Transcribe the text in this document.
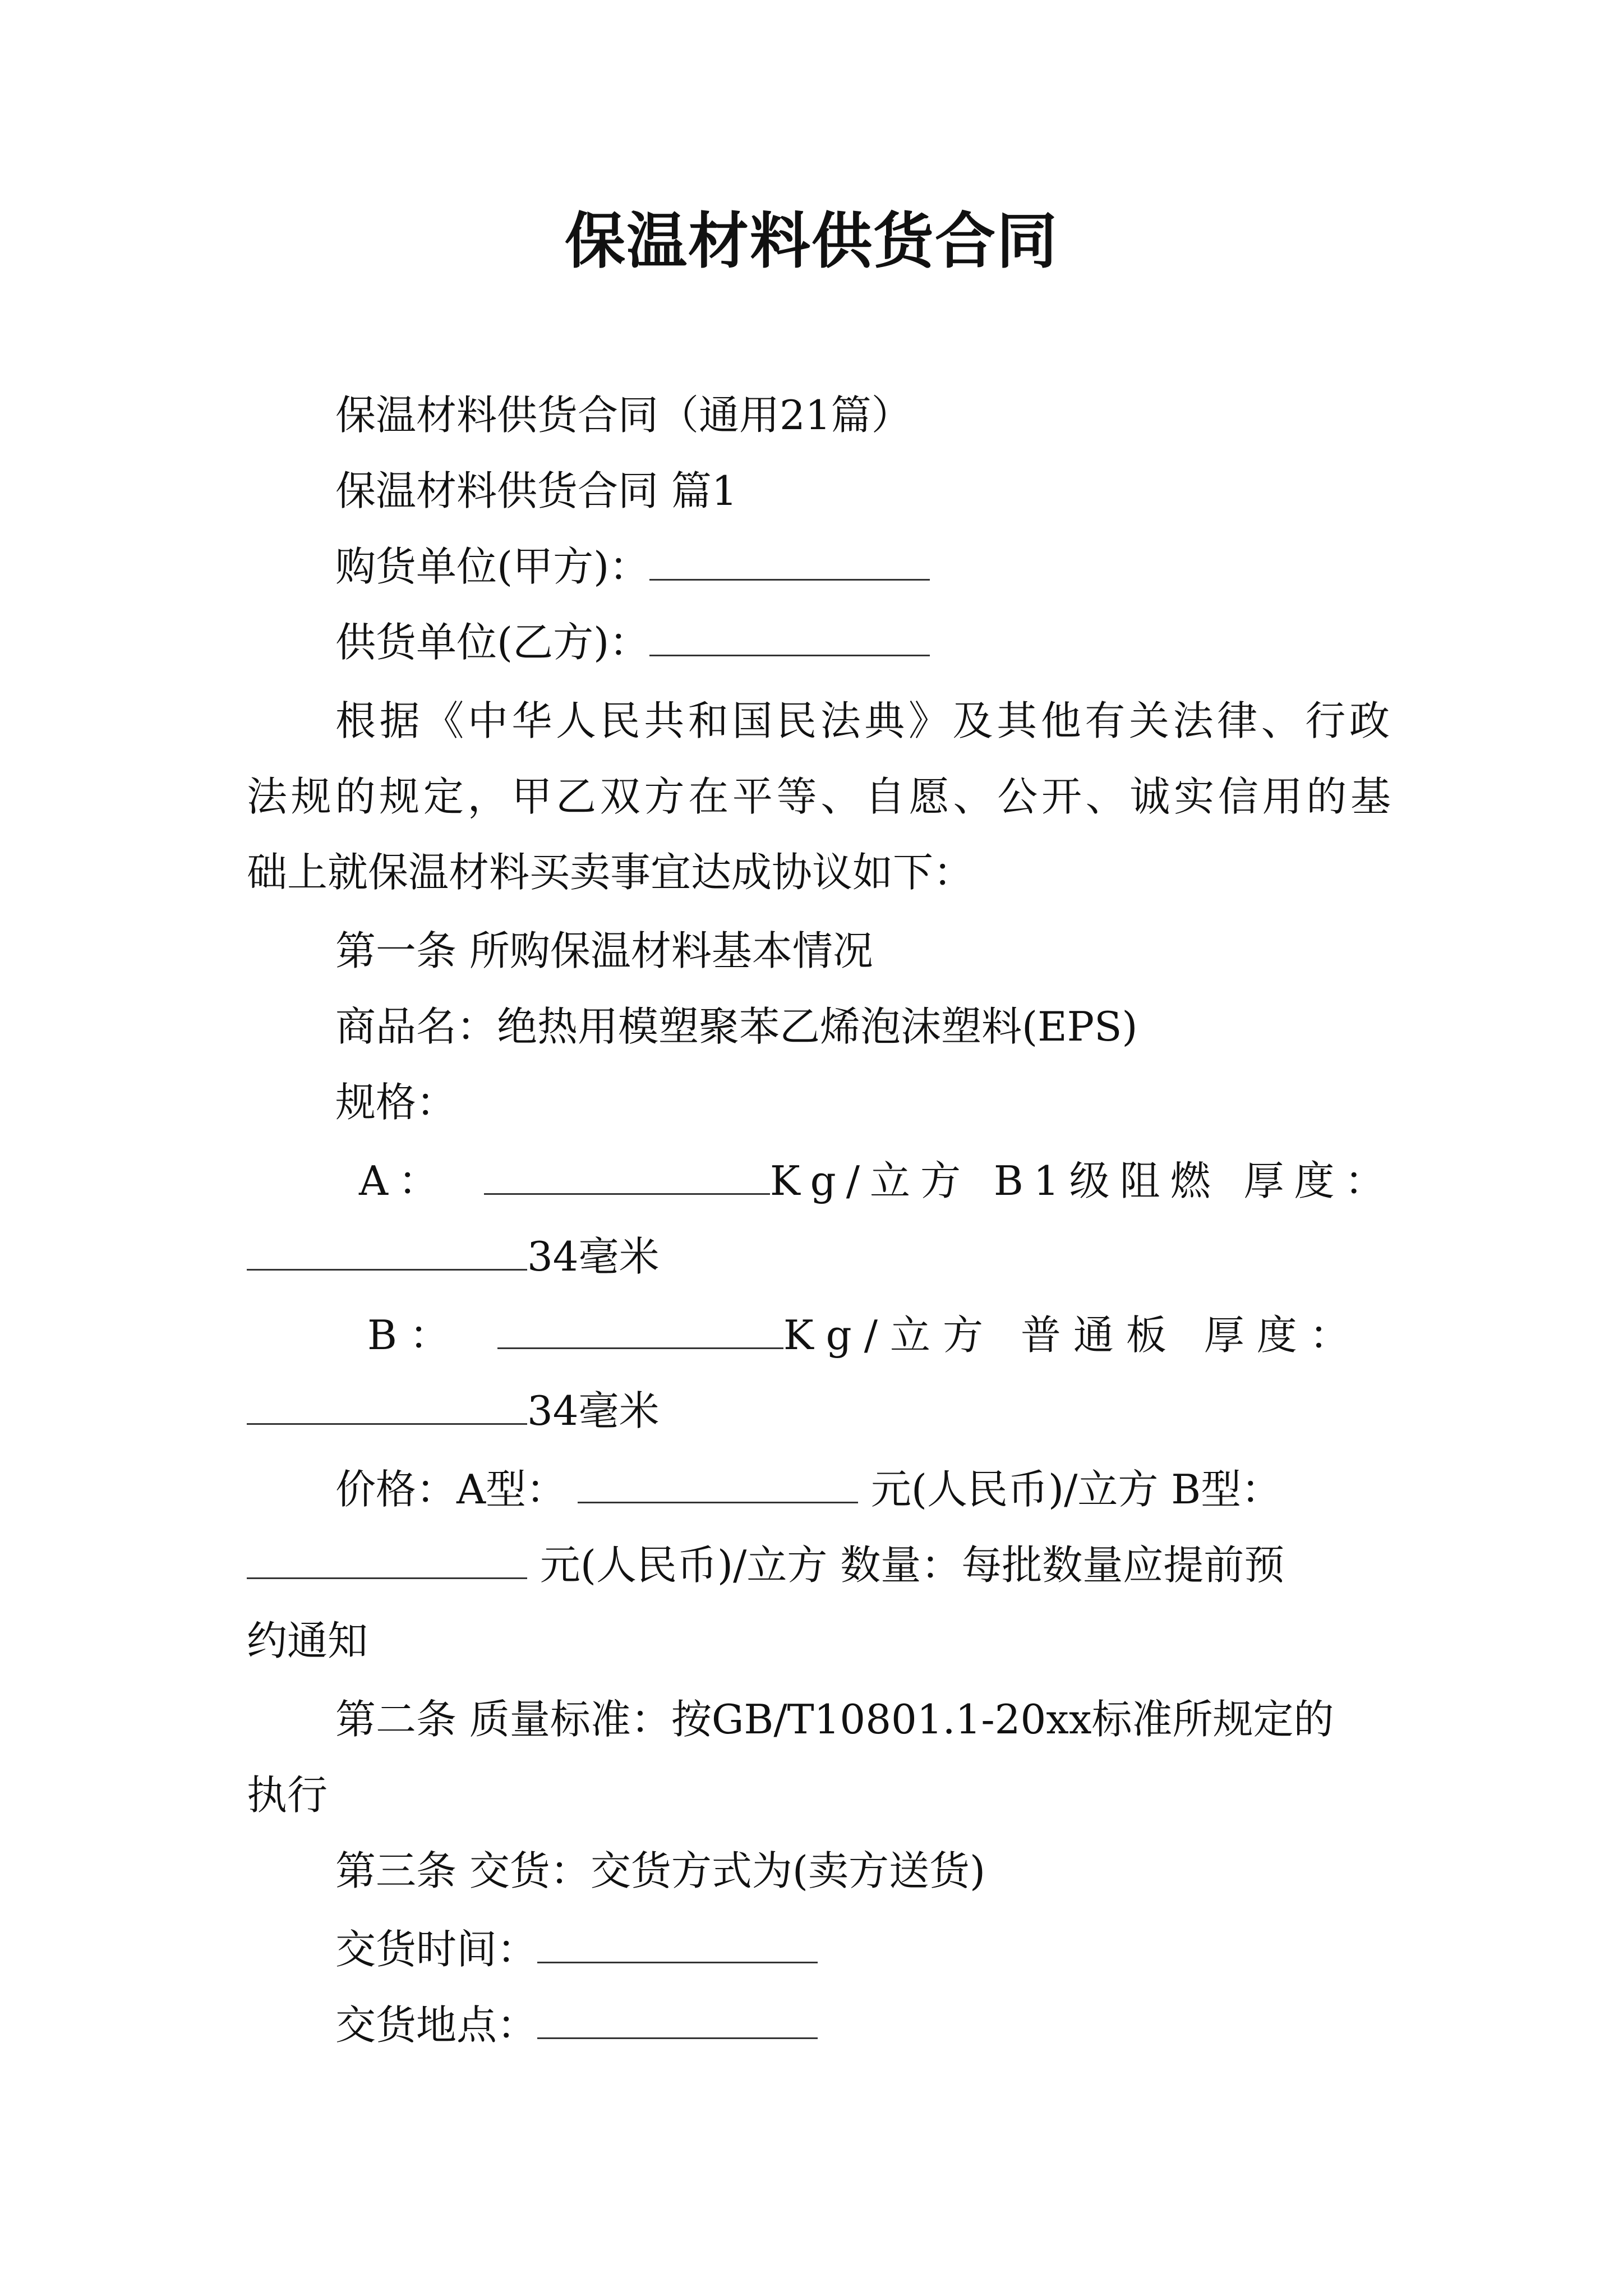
保温材料供货合同
保温材料供货合同（通用21篇）
保温材料供货合同 篇1
购货单位(甲方)：
供货单位(乙方)：
根据《中华人民共和国民法典》及其他有关法律、行政
法规的规定，甲乙双方在平等、自愿、公开、诚实信用的基
础上就保温材料买卖事宜达成协议如下：
第一条 所购保温材料基本情况
商品名：绝热用模塑聚苯乙烯泡沫塑料(EPS)
规格：
A：	Kg/立方 B1级阻燃 厚度：
34毫米
B：	Kg/立方 普通板 厚度：
34毫米
价格：A型：	元(人民币)/立方 B型：
元(人民币)/立方 数量：每批数量应提前预
约通知
第二条 质量标准：按GB/T10801.1-20xx标准所规定的
执行
第三条 交货：交货方式为(卖方送货)
交货时间：
交货地点：
